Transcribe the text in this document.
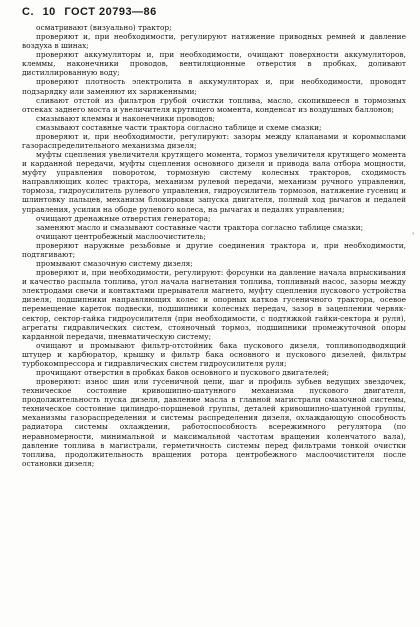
С. 10 ГОСТ 20793—86
'

осматривают (визуально) трактор;

проверяют и, при необходимости, регулируют натяжение приводных ремней и давление воздуха в шинах;

проверяют аккумуляторы и, при необходимости, очищают поверхности аккумуляторов, клеммы, наконечники проводов, вентиляционные отверстия в пробках, доливают дистиллированную воду;

проверяют плотность электролита в аккумуляторах и, при необходимости, проводят подзарядку или заменяют их заряженными;

сливают отстой из фильтров грубой очистки топлива, масло, скопившееся в тормозных отсеках заднего моста и увеличителя крутящего момента, конденсат из воздушных баллонов;

смазывают клеммы и наконечники проводов;

смазывают составные части трактора согласно таблице и схеме смазки;

проверяют и, при необходимости, регулируют: зазоры между клапанами и коромыслами газораспределительного механизма дизеля;

муфты сцепления увеличителя крутящего момента, тормоз увеличителя крутящего момента и карданной передачи, муфты сцепления основного дизеля и привода вала отбора мощности, муфту управления поворотом, тормозную систему колесных тракторов, сходимость направляющих колес трактора, механизм рулевой передачи, механизм ручного управления, тормоза, гидроусилитель рулевого управления, гидроусилитель тормозов, натяжение гусениц и шлинтовку пальцев, механизм блокировки запуска двигателя, полный ход рычагов и педалей управления, усилия на ободе рулевого колеса, на рычагах и педалях управления;

очищают дренажные отверстия генератора;

заменяют масло и смазывают составные части трактора согласно таблице смазки;

очищают центробежный маслоочиститель;

проверяют наружные резьбовые и другие соединения трактора и, при необходимости, подтягивают;

промывают смазочную систему дизеля;

проверяют и, при необходимости, регулируют: форсунки на давление начала впрыскивания и качество распыла топлива, угол начала нагнетания топлива, топливный насос, зазоры между электродами свечи и контактами прерывателя магнето, муфту сцепления пускового устройства дизеля, подшипники направляющих колес и опорных катков гусеничного трактора, осевое перемещение кареток подвески, подшипники колесных передач, зазор в зацеплении червяк-сектор, сектор-гайка гидроусилителя (при необходимости, с подтяжкой гайки-сектора и руля), агрегаты гидравлических систем, стояночный тормоз, подшипники промежуточной опоры карданной передачи, пневматическую систему;

очищают и промывают фильтр-отстойник бака пускового дизеля, топливоподводящий штуцер и карбюратор, крышку и фильтр бака основного и пускового дизелей, фильтры турбокомпрессора и гидравлических систем гидроусилителя руля;

прочищают отверстия в пробках баков основного и пускового двигателей;

проверяют: износ шин или гусеничной цепи, шаг и профиль зубьев ведущих звездочек, техническое состояние кривошипно-шатунного механизма пускового двигателя, продолжительность пуска дизеля, давление масла в главной магистрали смазочной системы, техническое состояние цилиндро-поршневой группы, деталей кривошипно-шатунной группы, механизмы газораспределения и системы распределения дизеля, охлаждающую способность радиатора системы охлаждения, работоспособность всережимного регулятора (по неравномерности, минимальной и максимальной частотам вращения коленчатого вала), давление топлива в магистрали, герметичность системы перед фильтрами тонкой очистки топлива, продолжительность вращения ротора центробежного маслоочистителя после остановки дизеля;
